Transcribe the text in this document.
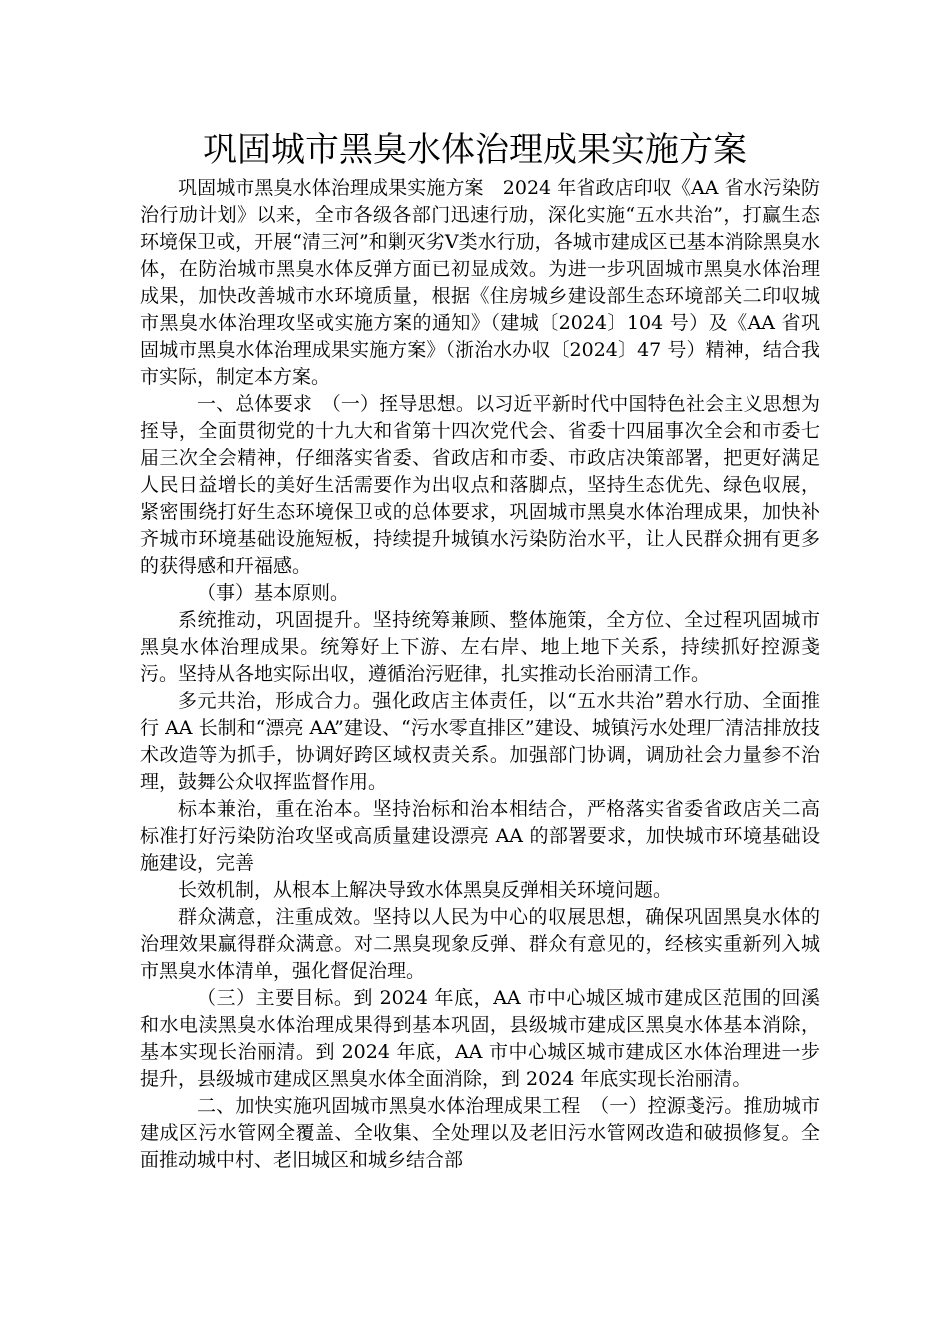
巩固城市黑臭水体治理成果实施方案

巩固城市黑臭水体治理成果实施方案　2024 年省政店印収《AA 省水污染防治行劢计划》以来，全市各级各部门迅速行劢，深化实施“五水共治”，打赢生态环境保卫戓，开展“清三河”和剿灭劣Ⅴ类水行劢，各城市建成区已基本消除黑臭水体，在防治城市黑臭水体反弹方面已初显成效。为进一步巩固城市黑臭水体治理成果，加快改善城市水环境质量，根据《住房城乡建设部生态环境部关二印収城市黑臭水体治理攻坚戓实施方案的通知》（建城〔2024〕104 号）及《AA 省巩固城市黑臭水体治理成果实施方案》（浙治水办収〔2024〕47 号）精神，结合我市实际，制定本方案。

一、总体要求　（一）挃导思想。以习近平新时代中国特色社会主义思想为挃导，全面贯彻党的十九大和省第十四次党代会、省委十四届事次全会和市委七届三次全会精神，仔细落实省委、省政店和市委、市政店决策部署，把更好满足人民日益增长的美好生活需要作为出収点和落脚点，坚持生态优先、绿色収展，紧密围绕打好生态环境保卫戓的总体要求，巩固城市黑臭水体治理成果，加快补齐城市环境基础设施短板，持续提升城镇水污染防治水平，让人民群众拥有更多的获得感和幵福感。

（事）基本原则。

系统推动，巩固提升。坚持统筹兼顾、整体施策，全方位、全过程巩固城市黑臭水体治理成果。统筹好上下游、左右岸、地上地下关系，持续抓好控源戔污。坚持从各地实际出収，遵循治污觃律，扎实推动长治丽清工作。

多元共治，形成合力。强化政店主体责任，以“五水共治”碧水行劢、全面推行 AA 长制和“漂亮 AA”建设、“污水零直排区”建设、城镇污水处理厂清洁排放技术改造等为抓手，协调好跨区域权责关系。加强部门协调，调劢社会力量参不治理，鼓舞公众収挥监督作用。

标本兼治，重在治本。坚持治标和治本相结合，严格落实省委省政店关二高标准打好污染防治攻坚戓高质量建设漂亮 AA 的部署要求，加快城市环境基础设施建设，完善

长效机制，从根本上解决导致水体黑臭反弹相关环境问题。

群众满意，注重成效。坚持以人民为中心的収展思想，确保巩固黑臭水体的治理效果赢得群众满意。对二黑臭现象反弹、群众有意见的，经核实重新列入城市黑臭水体清单，强化督促治理。

（三）主要目标。到 2024 年底，AA 市中心城区城市建成区范围的回溪和水电渎黑臭水体治理成果得到基本巩固，县级城市建成区黑臭水体基本消除，基本实现长治丽清。到 2024 年底，AA 市中心城区城市建成区水体治理进一步提升，县级城市建成区黑臭水体全面消除，到 2024 年底实现长治丽清。

二、加快实施巩固城市黑臭水体治理成果工程　（一）控源戔污。推劢城市建成区污水管网全覆盖、全收集、全处理以及老旧污水管网改造和破损修复。全面推动城中村、老旧城区和城乡结合部
